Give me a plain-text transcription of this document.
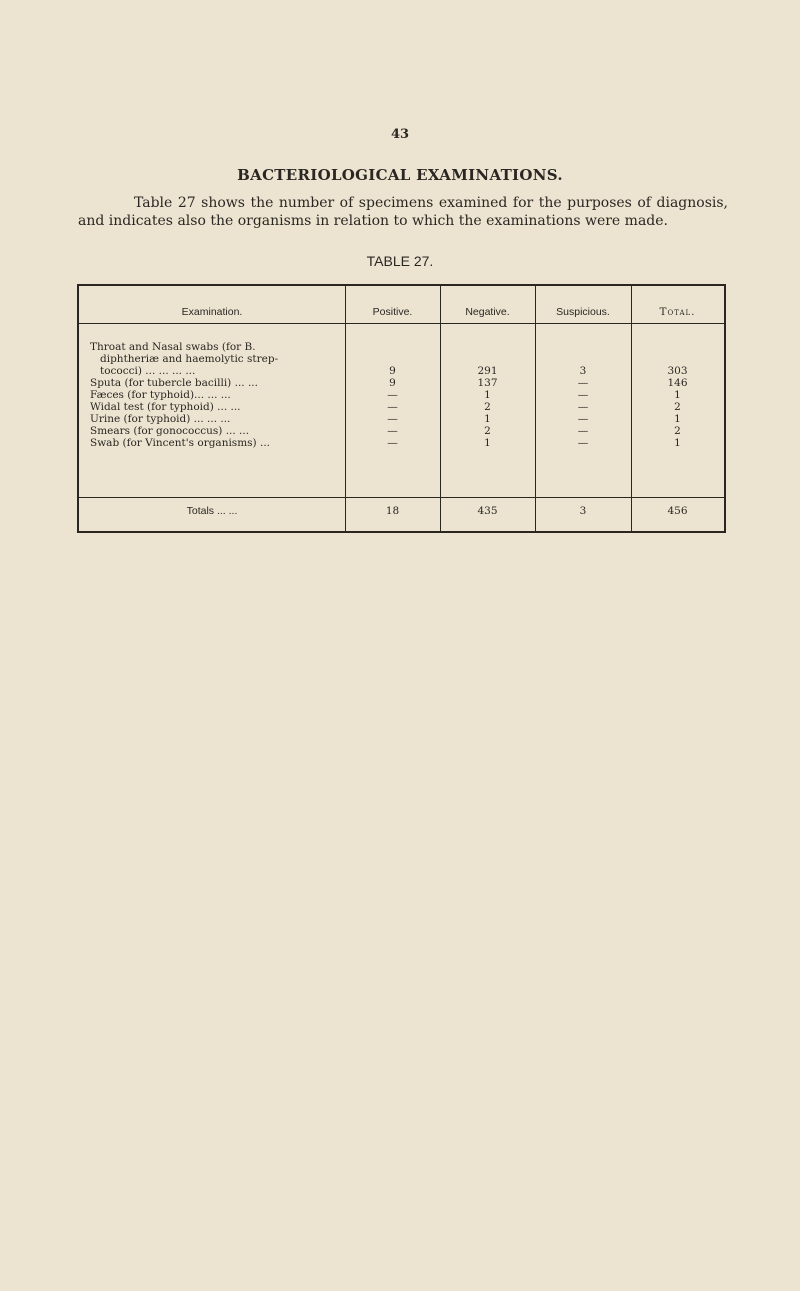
43
BACTERIOLOGICAL EXAMINATIONS.
Table 27 shows the number of specimens examined for the purposes of diagnosis, and indicates also the organisms in relation to which the examinations were made.
TABLE 27.
Examination.	Positive.	Negative.	Suspicious.	Total.
Throat and Nasal swabs (for B.
diphtheriæ and haemolytic strep-
tococci) ... ... ... ...	9	291	3	303
Sputa (for tubercle bacilli) ... ...	9	137	—	146
Fæces (for typhoid)... ... ...	—	1	—	1
Widal test (for typhoid) ... ...	—	2	—	2
Urine (for typhoid) ... ... ...	—	1	—	1
Smears (for gonococcus) ... ...	—	2	—	2
Swab (for Vincent's organisms) ...	—	1	—	1
Totals ... ...	18	435	3	456
